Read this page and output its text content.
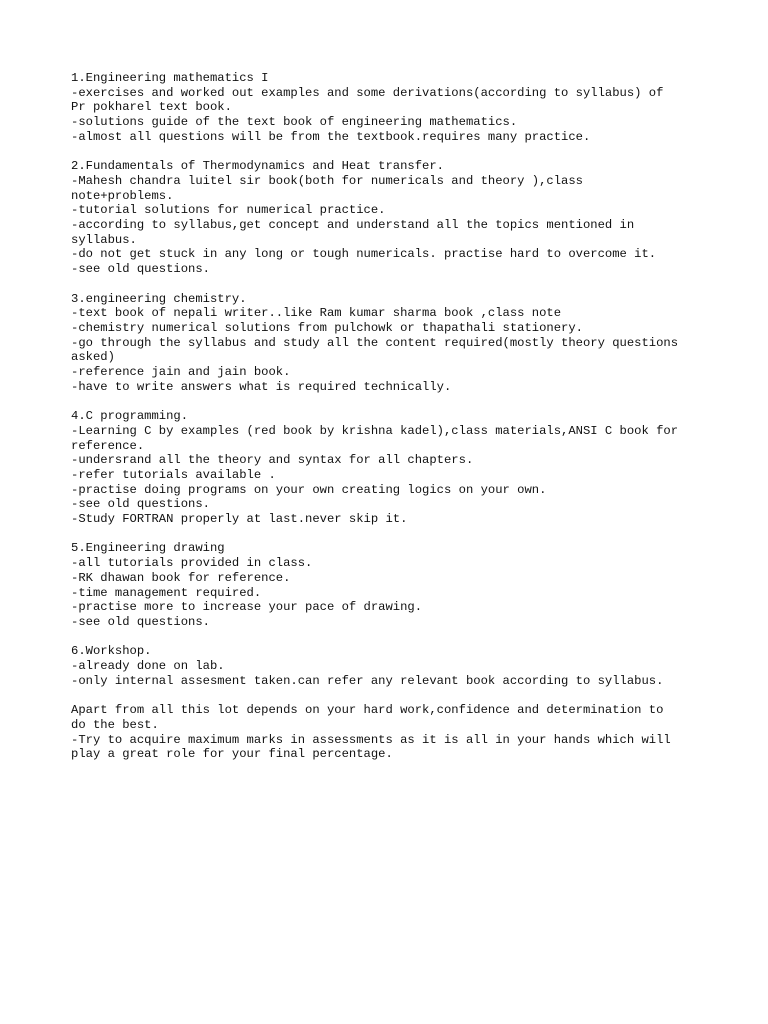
1.Engineering mathematics I
-exercises and worked out examples and some derivations(according to syllabus) of
Pr pokharel text book.
-solutions guide of the text book of engineering mathematics.
-almost all questions will be from the textbook.requires many practice.
2.Fundamentals of Thermodynamics and Heat transfer.
-Mahesh chandra luitel sir book(both for numericals and theory ),class
note+problems.
-tutorial solutions for numerical practice.
-according to syllabus,get concept and understand all the topics mentioned in
syllabus.
-do not get stuck in any long or tough numericals. practise hard to overcome it.
-see old questions.
3.engineering chemistry.
-text book of nepali writer..like Ram kumar sharma book ,class note
-chemistry numerical solutions from pulchowk or thapathali stationery.
-go through the syllabus and study all the content required(mostly theory questions
asked)
-reference jain and jain book.
-have to write answers what is required technically.
4.C programming.
-Learning C by examples (red book by krishna kadel),class materials,ANSI C book for
reference.
-undersrand all the theory and syntax for all chapters.
-refer tutorials available .
-practise doing programs on your own creating logics on your own.
-see old questions.
-Study FORTRAN properly at last.never skip it.
5.Engineering drawing
-all tutorials provided in class.
-RK dhawan book for reference.
-time management required.
-practise more to increase your pace of drawing.
-see old questions.
6.Workshop.
-already done on lab.
-only internal assesment taken.can refer any relevant book according to syllabus.
Apart from all this lot depends on your hard work,confidence and determination to
do the best.
-Try to acquire maximum marks in assessments as it is all in your hands which will
play a great role for your final percentage.
